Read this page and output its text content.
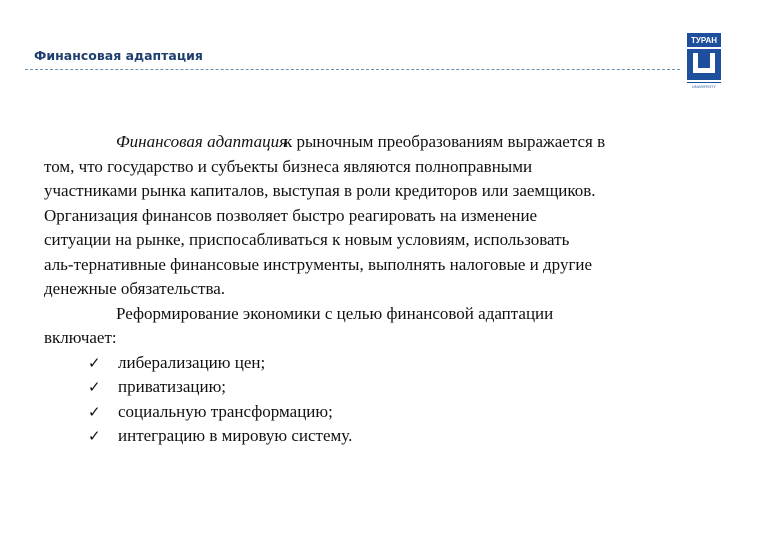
Финансовая адаптация
ТУРАН
UNIVERSITY
Финансовая адаптация
к рыночным преобразованиям выражается в
том, что государство и субъекты бизнеса являются полноправными
участниками рынка капиталов, выступая в роли кредиторов или заемщиков.
Организация финансов позволяет быстро реагировать на изменение
ситуации на рынке, приспосабливаться к новым условиям, использовать
аль-тернативные финансовые инструменты, выполнять налоговые и другие
денежные обязательства.
Реформирование экономики с целью финансовой адаптации
включает:
✓ либерализацию цен;
✓ приватизацию;
✓ социальную трансформацию;
✓ интеграцию в мировую систему.
